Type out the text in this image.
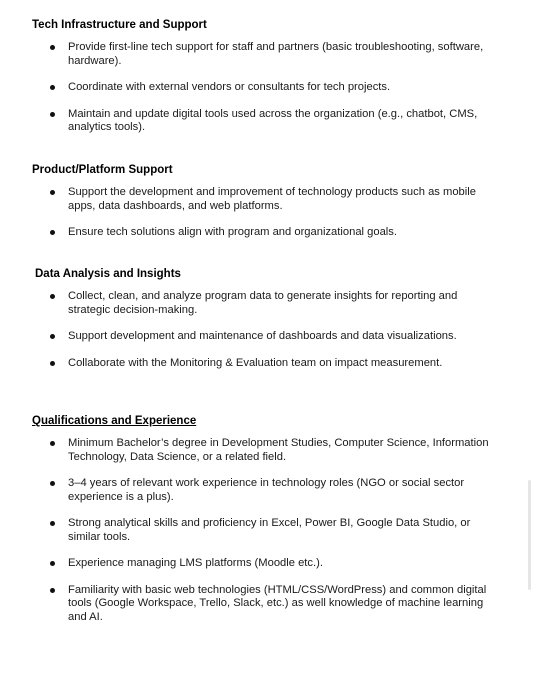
Tech Infrastructure and Support
Provide first-line tech support for staff and partners (basic troubleshooting, software, hardware).
Coordinate with external vendors or consultants for tech projects.
Maintain and update digital tools used across the organization (e.g., chatbot, CMS, analytics tools).
Product/Platform Support
Support the development and improvement of technology products such as mobile apps, data dashboards, and web platforms.
Ensure tech solutions align with program and organizational goals.
Data Analysis and Insights
Collect, clean, and analyze program data to generate insights for reporting and strategic decision-making.
Support development and maintenance of dashboards and data visualizations.
Collaborate with the Monitoring & Evaluation team on impact measurement.
Qualifications and Experience
Minimum Bachelor’s degree in Development Studies, Computer Science, Information Technology, Data Science, or a related field.
3–4 years of relevant work experience in technology roles (NGO or social sector experience is a plus).
Strong analytical skills and proficiency in Excel, Power BI, Google Data Studio, or similar tools.
Experience managing LMS platforms (Moodle etc.).
Familiarity with basic web technologies (HTML/CSS/WordPress) and common digital tools (Google Workspace, Trello, Slack, etc.) as well knowledge of machine learning and AI.
